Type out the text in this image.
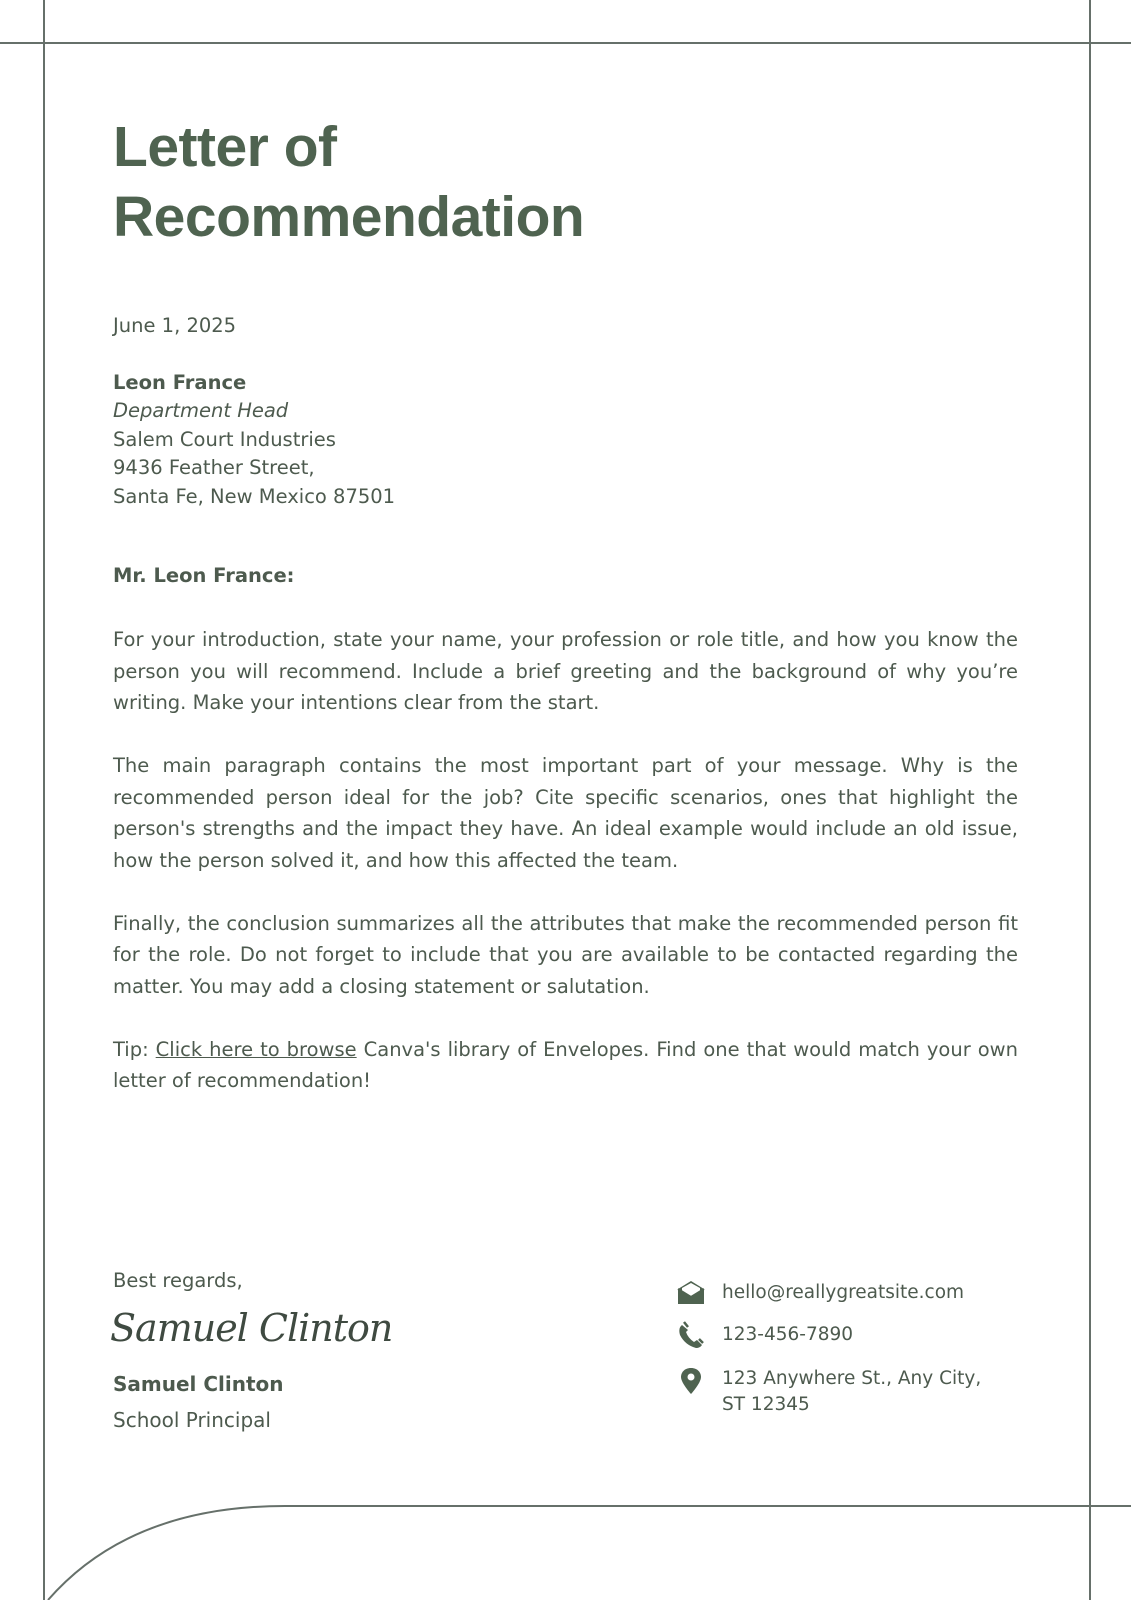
Letter of
Recommendation
June 1, 2025
Leon France
Department Head
Salem Court Industries
9436 Feather Street,
Santa Fe, New Mexico 87501
Mr. Leon France:

For your introduction, state your name, your profession or role title, and how you know the person you will recommend. Include a brief greeting and the background of why you’re writing. Make your intentions clear from the start.

The main paragraph contains the most important part of your message. Why is the recommended person ideal for the job? Cite specific scenarios, ones that highlight the person's strengths and the impact they have. An ideal example would include an old issue, how the person solved it, and how this affected the team.

Finally, the conclusion summarizes all the attributes that make the recommended person fit for the role. Do not forget to include that you are available to be contacted regarding the matter. You may add a closing statement or salutation.

Tip: Click here to browse Canva's library of Envelopes. Find one that would match your own letter of recommendation!

Best regards,
Samuel Clinton
Samuel Clinton
School Principal
hello@reallygreatsite.com
123-456-7890
123 Anywhere St., Any City,
ST 12345
